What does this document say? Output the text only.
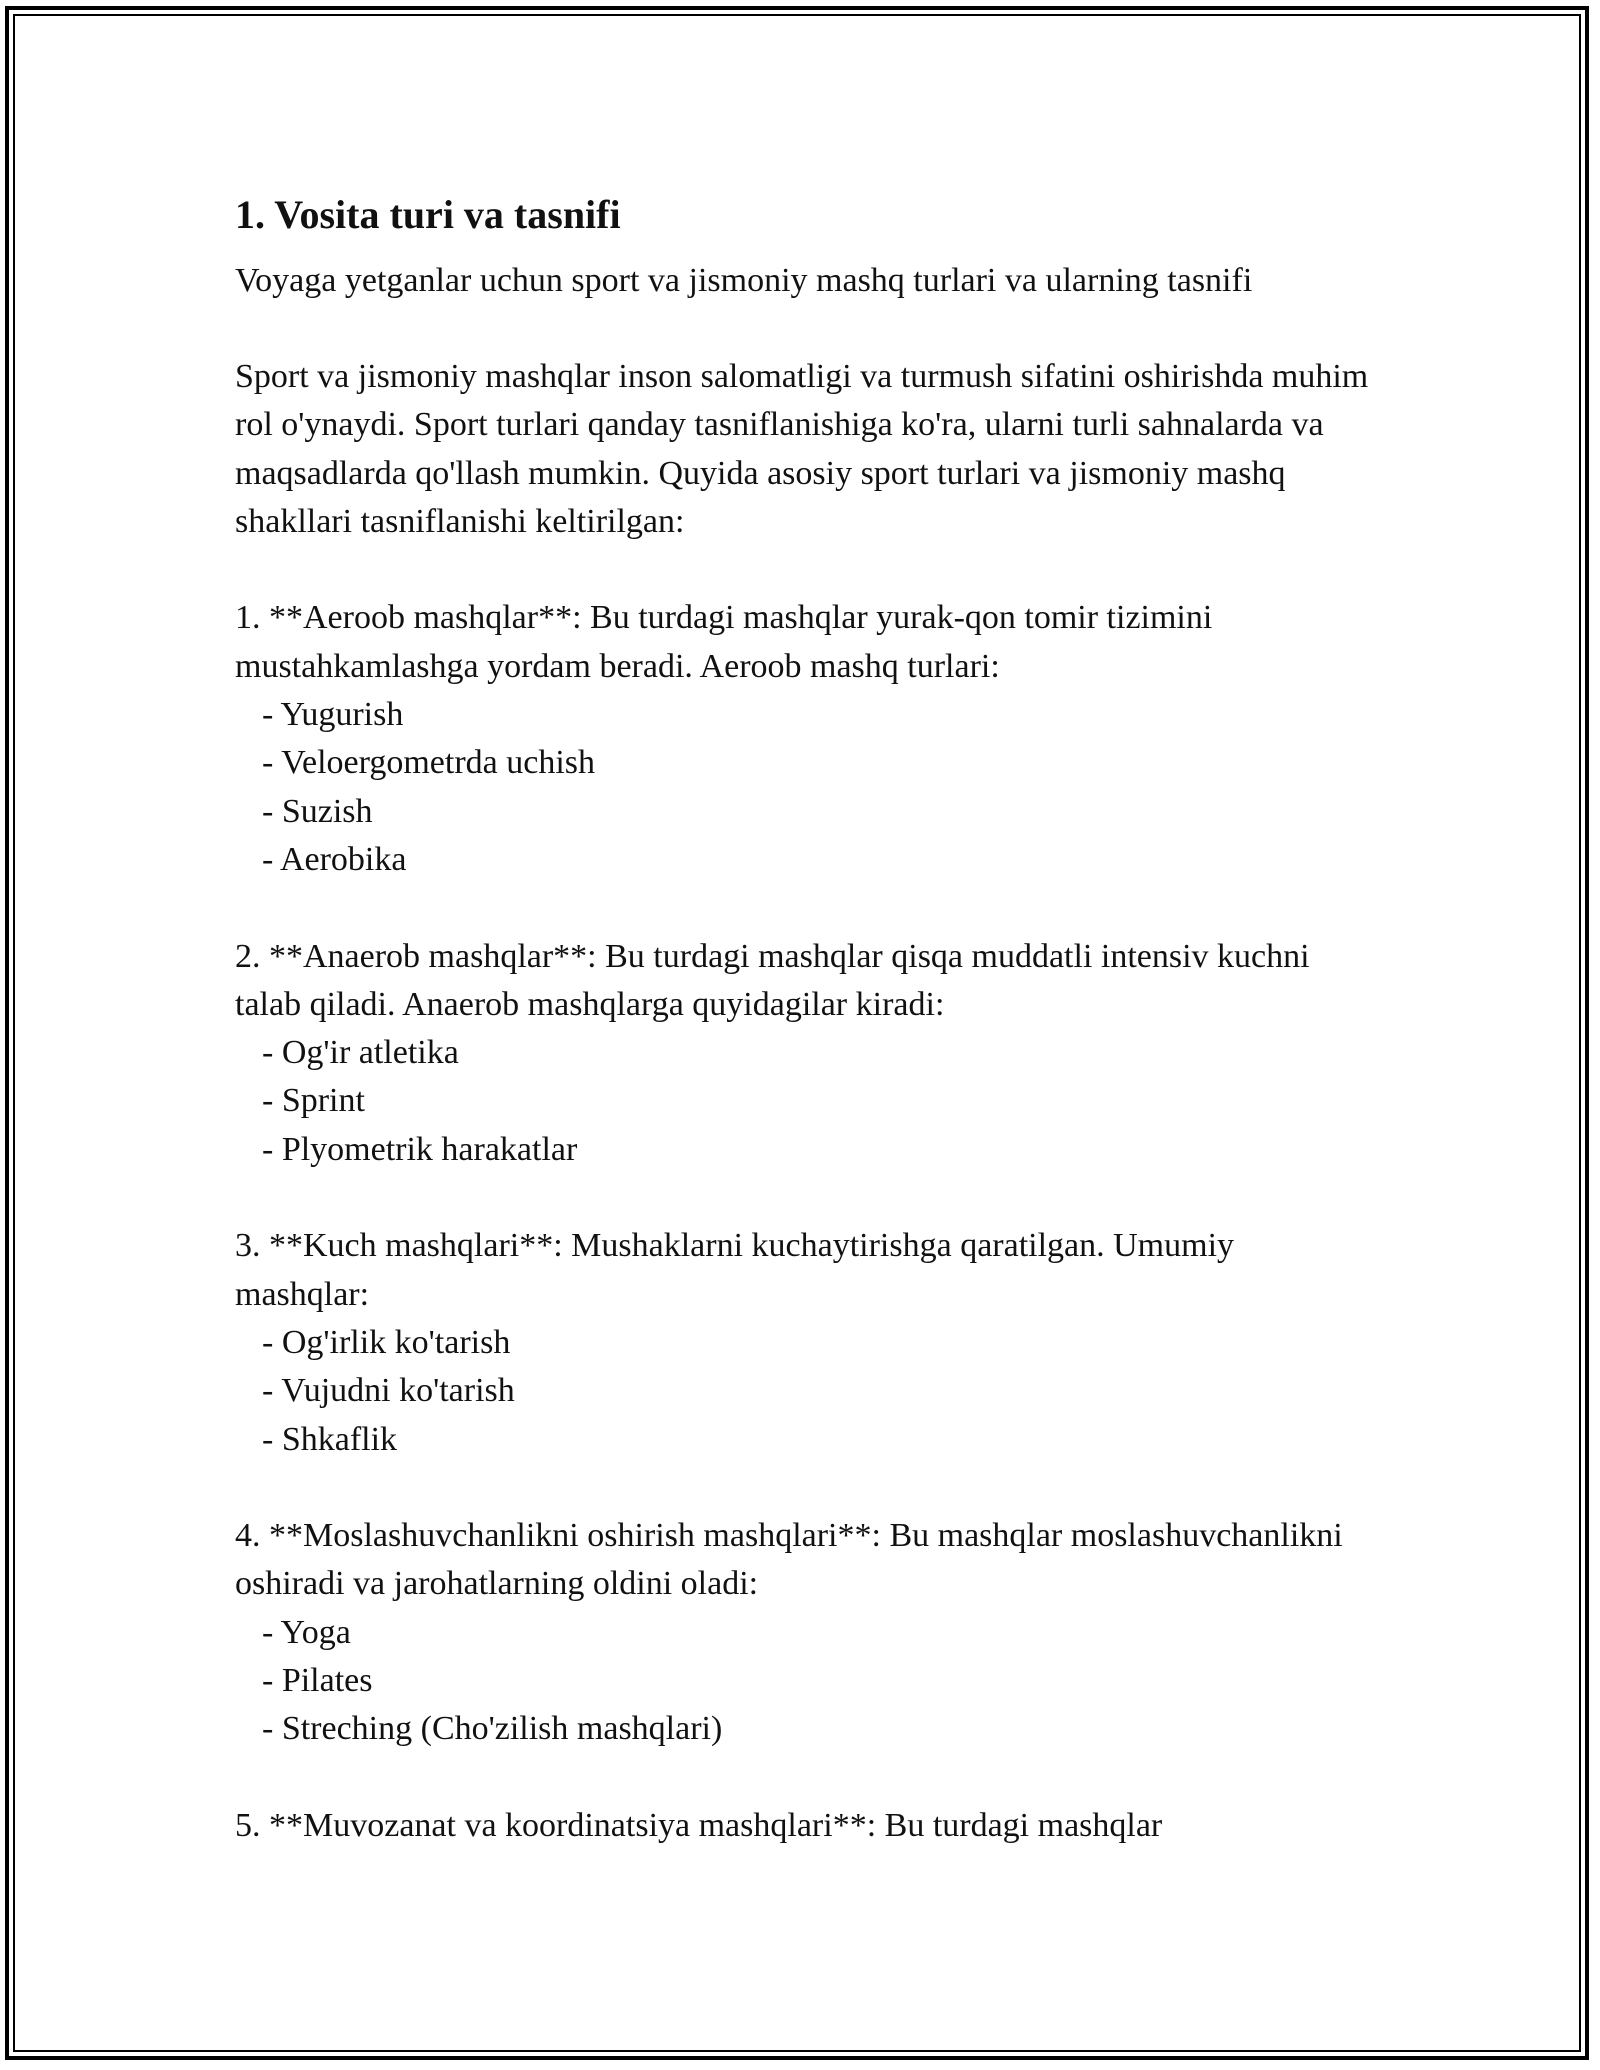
1. Vosita turi va tasnifi
Voyaga yetganlar uchun sport va jismoniy mashq turlari va ularning tasnifi
Sport va jismoniy mashqlar inson salomatligi va turmush sifatini oshirishda muhim rol o'ynaydi. Sport turlari qanday tasniflanishiga ko'ra, ularni turli sahnalarda va maqsadlarda qo'llash mumkin. Quyida asosiy sport turlari va jismoniy mashq shakllari tasniflanishi keltirilgan:
1. **Aeroob mashqlar**: Bu turdagi mashqlar yurak-qon tomir tizimini mustahkamlashga yordam beradi. Aeroob mashq turlari:
- Yugurish
- Veloergometrda uchish
- Suzish
- Aerobika
2. **Anaerob mashqlar**: Bu turdagi mashqlar qisqa muddatli intensiv kuchni talab qiladi. Anaerob mashqlarga quyidagilar kiradi:
- Og'ir atletika
- Sprint
- Plyometrik harakatlar
3. **Kuch mashqlari**: Mushaklarni kuchaytirishga qaratilgan. Umumiy mashqlar:
- Og'irlik ko'tarish
- Vujudni ko'tarish
- Shkaflik
4. **Moslashuvchanlikni oshirish mashqlari**: Bu mashqlar moslashuvchanlikni oshiradi va jarohatlarning oldini oladi:
- Yoga
- Pilates
- Streching (Cho'zilish mashqlari)
5. **Muvozanat va koordinatsiya mashqlari**: Bu turdagi mashqlar
